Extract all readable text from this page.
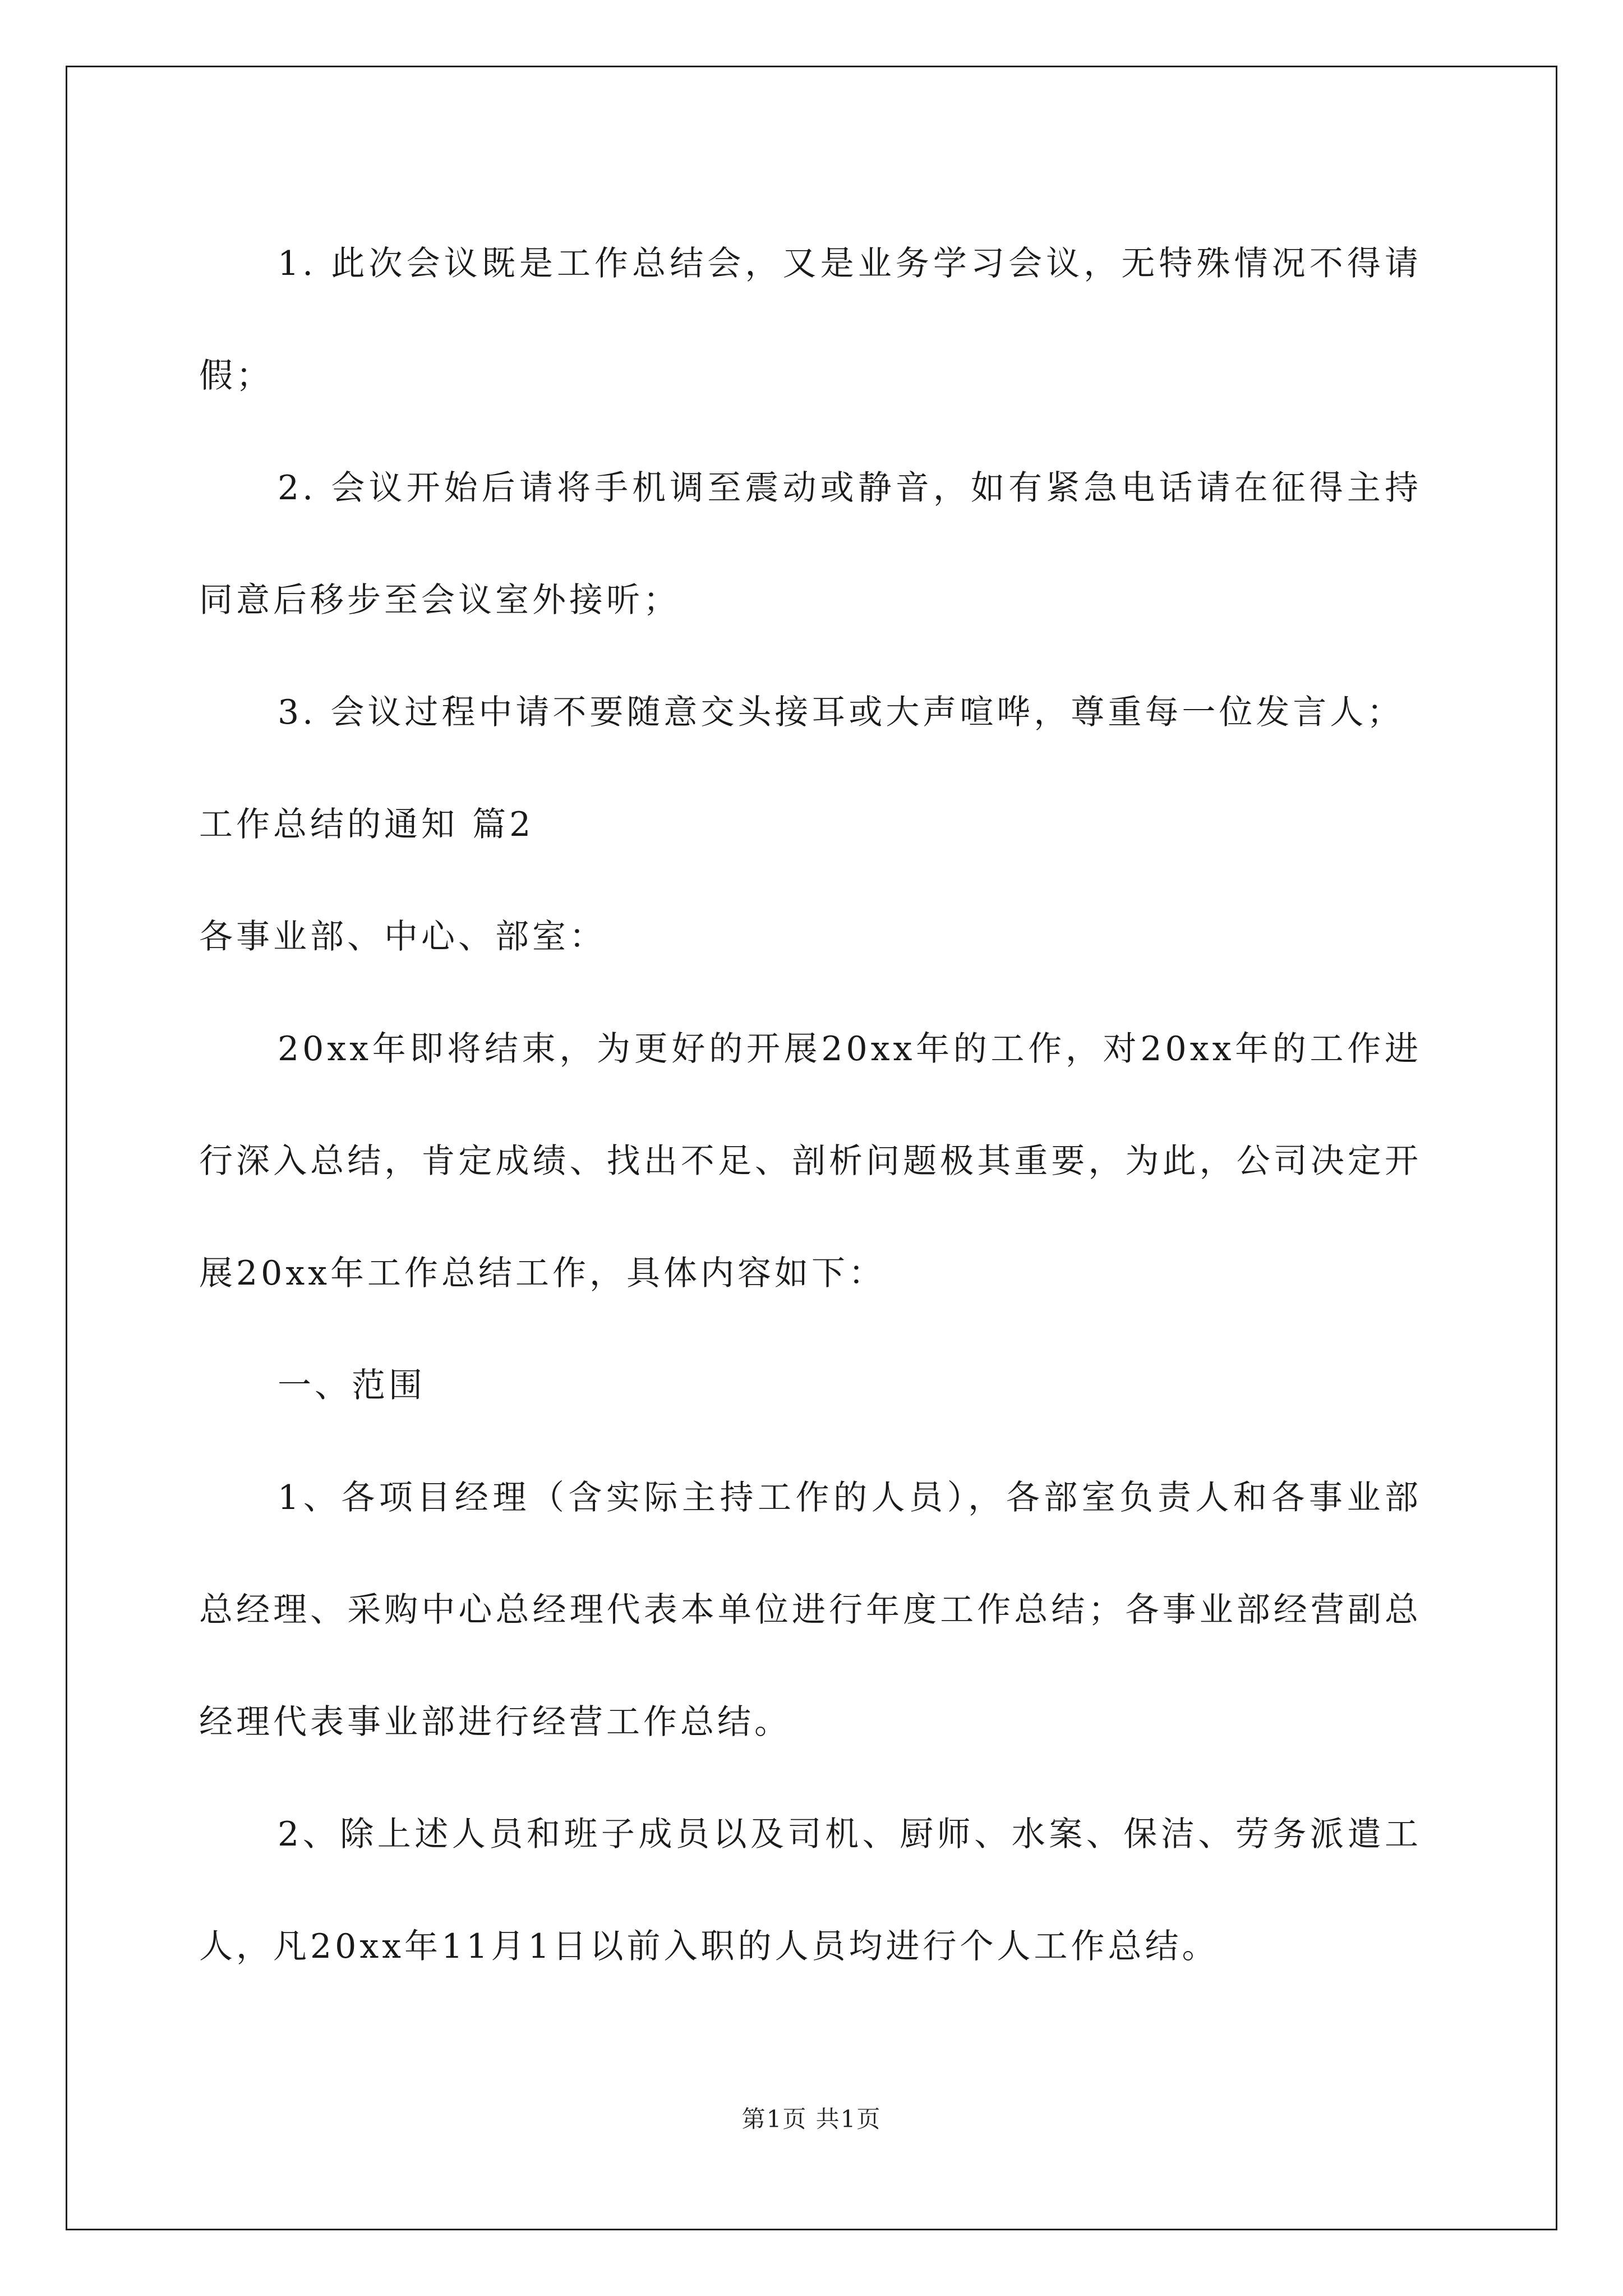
1. 此次会议既是工作总结会，又是业务学习会议，无特殊情况不得请假；

2. 会议开始后请将手机调至震动或静音，如有紧急电话请在征得主持同意后移步至会议室外接听；

3. 会议过程中请不要随意交头接耳或大声喧哗，尊重每一位发言人；

工作总结的通知 篇2

各事业部、中心、部室：

20xx年即将结束，为更好的开展20xx年的工作，对20xx年的工作进行深入总结，肯定成绩、找出不足、剖析问题极其重要，为此，公司决定开展20xx年工作总结工作，具体内容如下：

一、范围

1、各项目经理（含实际主持工作的人员），各部室负责人和各事业部总经理、采购中心总经理代表本单位进行年度工作总结；各事业部经营副总经理代表事业部进行经营工作总结。

2、除上述人员和班子成员以及司机、厨师、水案、保洁、劳务派遣工人，凡20xx年11月1日以前入职的人员均进行个人工作总结。

第1页 共1页
